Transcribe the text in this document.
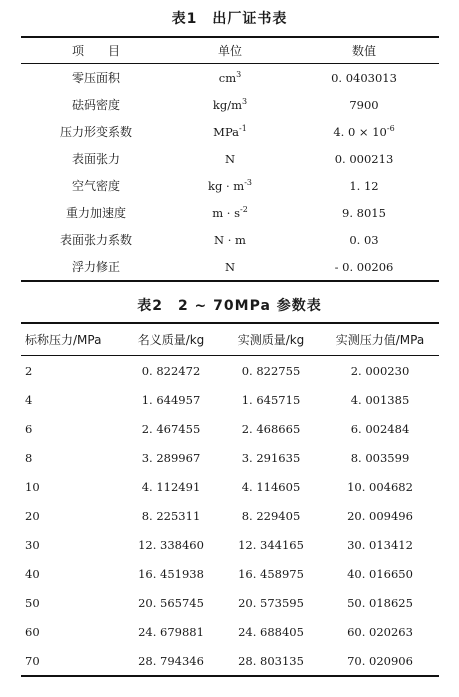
表1　出厂证书表
项　　目	单位	数值
零压面积	$cm^3$	0. 0403013
砝码密度	$kg/m^3$	7900
压力形变系数	MPa$^{-1}$	4. $0 \times 10^{-6}$
表面张力	N	0. 000213
空气密度	kg · $m^{-3}$	1. 12
重力加速度	$m \cdot s^{-2}$	9. 8015
表面张力系数	N · m	0. 03
浮力修正	N	- 0. 00206
表2　2 ~ 70MPa 参数表
标称压力/MPa	名义质量/kg	实测质量/kg	实测压力值/MPa
2	0. 822472	0. 822755	2. 000230
4	1. 644957	1. 645715	4. 001385
6	2. 467455	2. 468665	6. 002484
8	3. 289967	3. 291635	8. 003599
10	4. 112491	4. 114605	10. 004682
20	8. 225311	8. 229405	20. 009496
30	12. 338460	12. 344165	30. 013412
40	16. 451938	16. 458975	40. 016650
50	20. 565745	20. 573595	50. 018625
60	24. 679881	24. 688405	60. 020263
70	28. 794346	28. 803135	70. 020906
